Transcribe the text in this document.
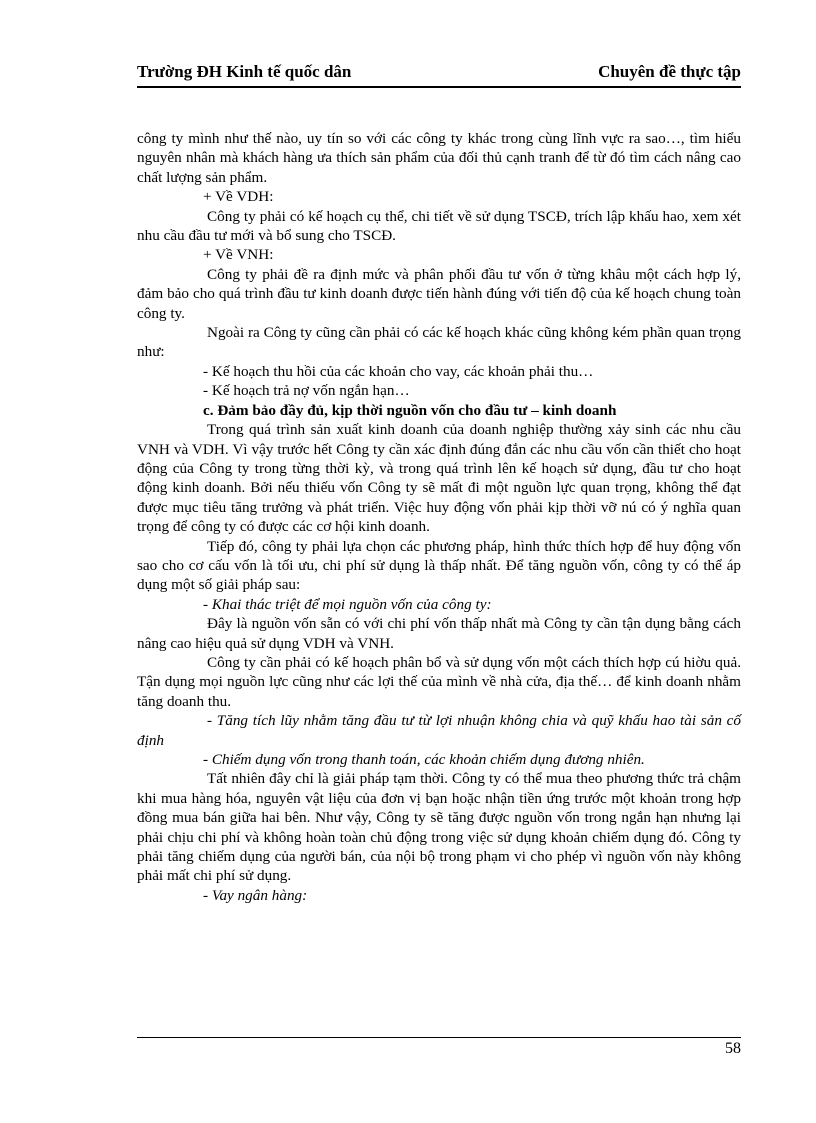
Trường ĐH Kinh tế quốc dân	Chuyên đề thực tập

công ty mình như thế nào, uy tín so với các công ty khác trong cùng lĩnh vực ra sao…, tìm hiểu nguyên nhân mà khách hàng ưa thích sản phẩm của đối thủ cạnh tranh để từ đó tìm cách nâng cao chất lượng sản phẩm.

+ Về VDH:

Công ty phải có kế hoạch cụ thể, chi tiết về sử dụng TSCĐ, trích lập khấu hao, xem xét nhu cầu đầu tư mới và bổ sung cho TSCĐ.

+ Về VNH:

Công ty phải đề ra định mức và phân phối đầu tư vốn ở từng khâu một cách hợp lý, đảm bảo cho quá trình đầu tư kinh doanh được tiến hành đúng với tiến độ của kế hoạch chung toàn công ty.

Ngoài ra Công ty cũng cần phải có các kế hoạch khác cũng không kém phần quan trọng như:

- Kế hoạch thu hồi của các khoản cho vay, các khoản phải thu…

- Kế hoạch trả nợ vốn ngắn hạn…

c. Đảm bảo đầy đủ, kịp thời nguồn vốn cho đầu tư – kinh doanh

Trong quá trình sản xuất kinh doanh của doanh nghiệp thường xảy sinh các nhu cầu VNH và VDH. Vì vậy trước hết Công ty cần xác định đúng đắn các nhu cầu vốn cần thiết cho hoạt động của Công ty trong từng thời kỳ, và trong quá trình lên kế hoạch sử dụng, đầu tư cho hoạt động kinh doanh. Bởi nếu thiếu vốn Công ty sẽ mất đi một nguồn lực quan trọng, không thể đạt được mục tiêu tăng trưởng và phát triển. Việc huy động vốn phải kịp thời vỡ nú có ý nghĩa quan trọng để công ty có được các cơ hội kinh doanh.

Tiếp đó, công ty phải lựa chọn các phương pháp, hình thức thích hợp để huy động vốn sao cho cơ cấu vốn là tối ưu, chi phí sử dụng là thấp nhất. Để tăng nguồn vốn, công ty có thể áp dụng một số giải pháp sau:

- Khai thác triệt để mọi nguồn vốn của công ty:

Đây là nguồn vốn sẵn có với chi phí vốn thấp nhất mà Công ty cần tận dụng bằng cách nâng cao hiệu quả sử dụng VDH và VNH.

Công ty cần phải có kế hoạch phân bổ và sử dụng vốn một cách thích hợp cú hiờu quả. Tận dụng mọi nguồn lực cũng như các lợi thế của mình về nhà cửa, địa thế… để kinh doanh nhằm tăng doanh thu.

- Tăng tích lũy nhằm tăng đầu tư từ lợi nhuận không chia và quỹ khấu hao tài sản cố định

- Chiếm dụng vốn trong thanh toán, các khoản chiếm dụng đương nhiên.

Tất nhiên đây chỉ là giải pháp tạm thời. Công ty có thể mua theo phương thức trả chậm khi mua hàng hóa, nguyên vật liệu của đơn vị bạn hoặc nhận tiền ứng trước một khoản trong hợp đồng mua bán giữa hai bên. Như vậy, Công ty sẽ tăng được nguồn vốn trong ngắn hạn nhưng lại phải chịu chi phí và không hoàn toàn chủ động trong việc sử dụng khoản chiếm dụng đó. Công ty phải tăng chiếm dụng của người bán, của nội bộ trong phạm vi cho phép vì nguồn vốn này không phải mất chi phí sử dụng.

- Vay ngân hàng:

58
